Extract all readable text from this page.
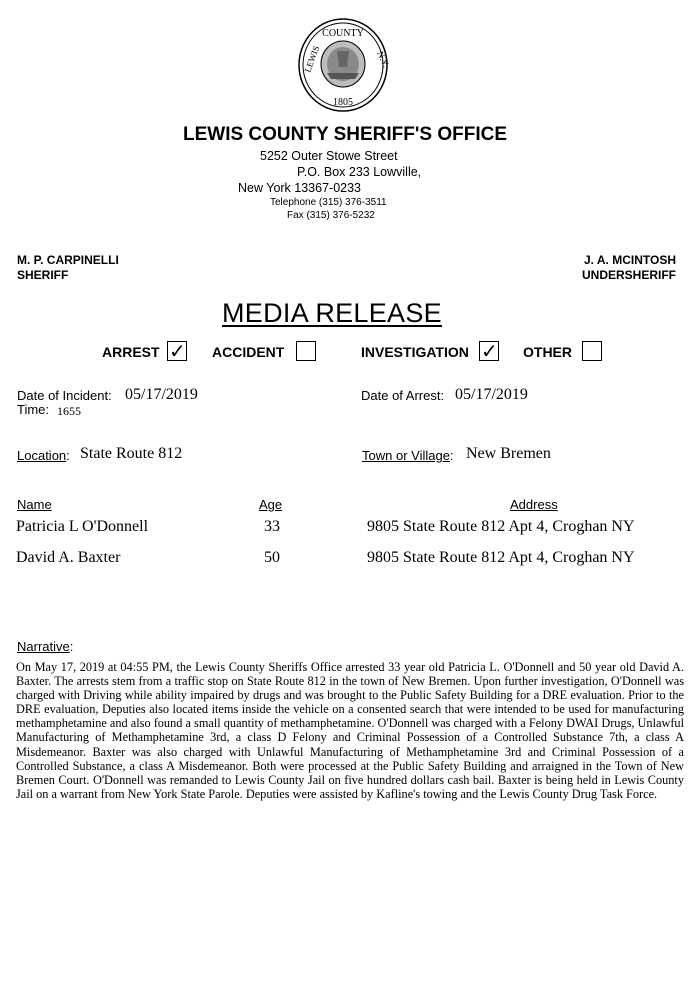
COUNTY
LEWIS	N.Y.
1805
LEWIS COUNTY SHERIFF'S OFFICE
5252 Outer Stowe Street
P.O. Box 233 Lowville,
New York 13367-0233
Telephone (315) 376-3511
Fax (315) 376-5232
M. P. CARPINELLI
SHERIFF
J. A. MCINTOSH
UNDERSHERIFF
MEDIA RELEASE
ARREST ✓ ACCIDENT	INVESTIGATION ✓ OTHER
Date of Incident: 05/17/2019
Time: 1655
Date of Arrest: 05/17/2019
Location: State Route 812	Town or Village: New Bremen
Name	Age	Address
Patricia L O'Donnell	33	9805 State Route 812 Apt 4, Croghan NY
David A. Baxter	50	9805 State Route 812 Apt 4, Croghan NY
Narrative:
On May 17, 2019 at 04:55 PM, the Lewis County Sheriffs Office arrested 33 year old Patricia L. O'Donnell and 50 year old David A. Baxter. The arrests stem from a traffic stop on State Route 812 in the town of New Bremen. Upon further investigation, O'Donnell was charged with Driving while ability impaired by drugs and was brought to the Public Safety Building for a DRE evaluation. Prior to the DRE evaluation, Deputies also located items inside the vehicle on a consented search that were intended to be used for manufacturing methamphetamine and also found a small quantity of methamphetamine. O'Donnell was charged with a Felony DWAI Drugs, Unlawful Manufacturing of Methamphetamine 3rd, a class D Felony and Criminal Possession of a Controlled Substance 7th, a class A Misdemeanor. Baxter was also charged with Unlawful Manufacturing of Methamphetamine 3rd and Criminal Possession of a Controlled Substance, a class A Misdemeanor. Both were processed at the Public Safety Building and arraigned in the Town of New Bremen Court. O'Donnell was remanded to Lewis County Jail on five hundred dollars cash bail. Baxter is being held in Lewis County Jail on a warrant from New York State Parole. Deputies were assisted by Kafline's towing and the Lewis County Drug Task Force.
